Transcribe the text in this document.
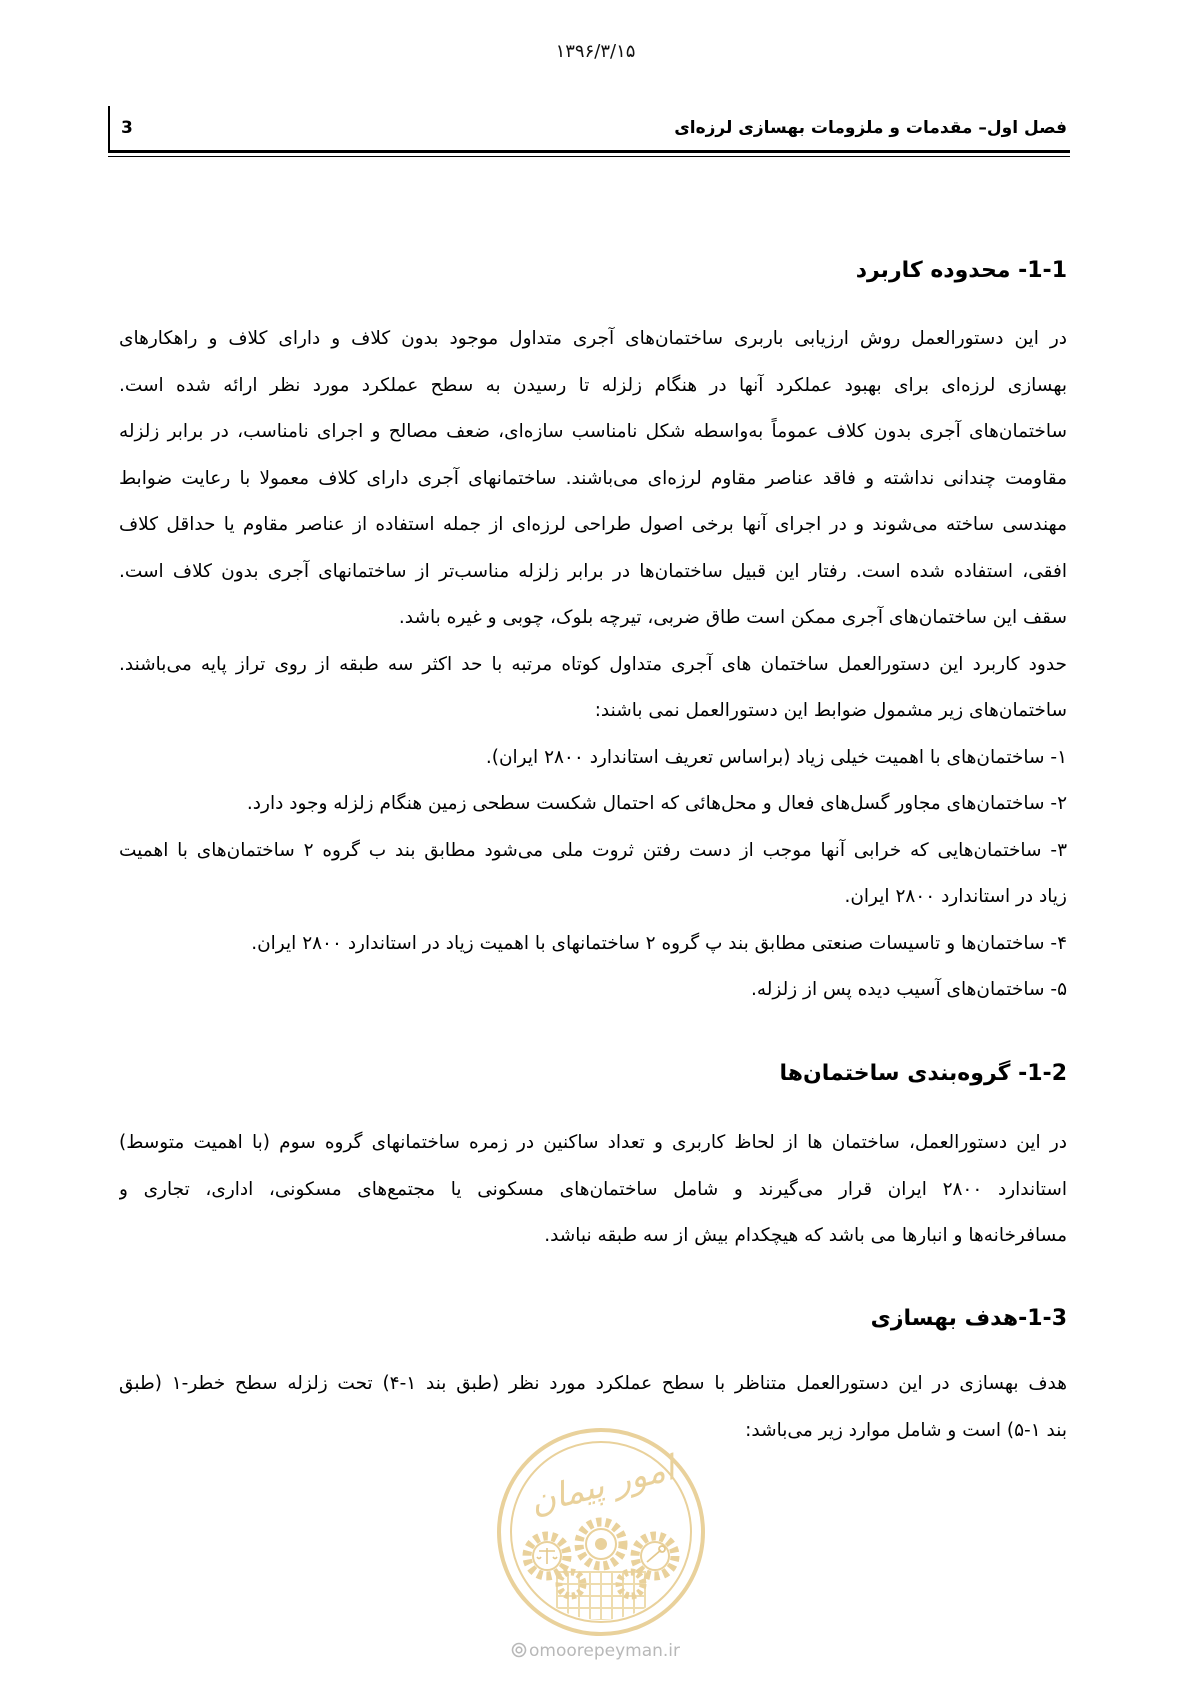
۱۳۹۶/۳/۱۵
3	فصل اول– مقدمات و ملزومات بهسازی لرزه‌ای
امور پیمان
1-1- محدوده کاربرد
در این دستورالعمل روش ارزیابی باربری ساختمان‌های آجری متداول موجود بدون کلاف و دارای کلاف و راهکارهای
بهسازی لرزه‌ای برای بهبود عملکرد آنها در هنگام زلزله تا رسیدن به سطح عملکرد مورد نظر ارائه شده است.
ساختمان‌های آجری بدون کلاف عموماً به‌واسطه شکل نامناسب سازه‌ای، ضعف مصالح و اجرای نامناسب، در برابر زلزله
مقاومت چندانی نداشته و فاقد عناصر مقاوم لرزه‌ای می‌باشند. ساختمانهای آجری دارای کلاف معمولا با رعایت ضوابط
مهندسی ساخته می‌شوند و در اجرای آنها برخی اصول طراحی لرزه‌ای از جمله استفاده از عناصر مقاوم یا حداقل کلاف
افقی، استفاده شده است. رفتار این قبیل ساختمان‌ها در برابر زلزله مناسب‌تر از ساختمانهای آجری بدون کلاف است.
سقف این ساختمان‌های آجری ممکن است طاق ضربی، تیرچه بلوک، چوبی و غیره باشد.
حدود کاربرد این دستورالعمل ساختمان های آجری متداول کوتاه مرتبه با حد اکثر سه طبقه از روی تراز پایه می‌باشند.
ساختمان‌های زیر مشمول ضوابط این دستورالعمل نمی باشند:
۱- ساختمان‌های با اهمیت خیلی زیاد (براساس تعریف استاندارد ۲۸۰۰ ایران).
۲- ساختمان‌های مجاور گسل‌های فعال و محل‌هائی که احتمال شکست سطحی زمین هنگام زلزله وجود دارد.
۳- ساختمان‌هایی که خرابی آنها موجب از دست رفتن ثروت ملی می‌شود مطابق بند ب گروه ۲ ساختمان‌های با اهمیت
زیاد در استاندارد ۲۸۰۰ ایران.
۴- ساختمان‌ها و تاسیسات صنعتی مطابق بند پ گروه ۲ ساختمانهای با اهمیت زیاد در استاندارد ۲۸۰۰ ایران.
۵- ساختمان‌های آسیب دیده پس از زلزله.
1-2- گروه‌بندی ساختمان‌ها
در این دستورالعمل، ساختمان ها از لحاظ کاربری و تعداد ساکنین در زمره ساختمانهای گروه سوم (با اهمیت متوسط)
استاندارد ۲۸۰۰ ایران قرار می‌گیرند و شامل ساختمان‌های مسکونی یا مجتمع‌های مسکونی، اداری، تجاری و
مسافرخانه‌ها و انبارها می باشد که هیچکدام بیش از سه طبقه نباشد.
1-3-هدف بهسازی
هدف بهسازی در این دستورالعمل متناظر با سطح عملکرد مورد نظر (طبق بند ۱-۴) تحت زلزله سطح خطر-۱ (طبق
بند ۱-۵) است و شامل موارد زیر می‌باشد:
omoorepeyman.ir
